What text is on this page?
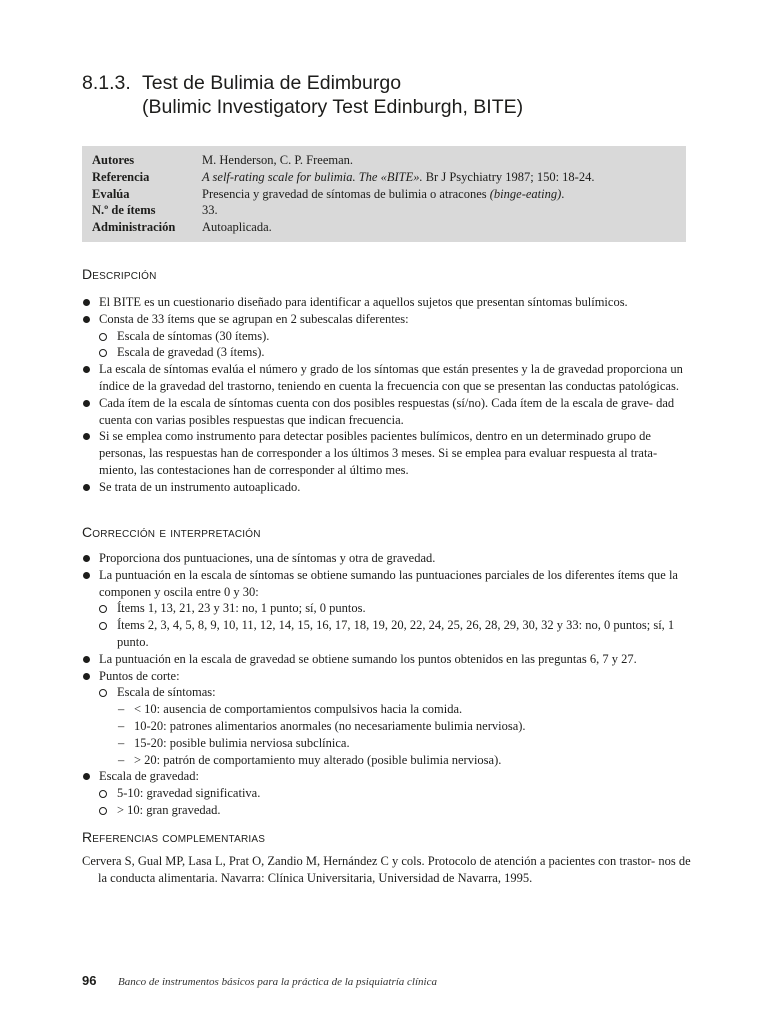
8.1.3. Test de Bulimia de Edimburgo
(Bulimic Investigatory Test Edinburgh, BITE)
Autores	M. Henderson, C. P. Freeman.
Referencia	A self-rating scale for bulimia. The «BITE». Br J Psychiatry 1987; 150: 18-24.
Evalúa	Presencia y gravedad de síntomas de bulimia o atracones (binge-eating).
N.º de ítems	33.
Administración	Autoaplicada.
Descripción
El BITE es un cuestionario diseñado para identificar a aquellos sujetos que presentan síntomas bulímicos.
Consta de 33 ítems que se agrupan en 2 subescalas diferentes:
Escala de síntomas (30 ítems).
Escala de gravedad (3 ítems).
La escala de síntomas evalúa el número y grado de los síntomas que están presentes y la de gravedad proporciona un índice de la gravedad del trastorno, teniendo en cuenta la frecuencia con que se presentan las conductas patológicas.
Cada ítem de la escala de síntomas cuenta con dos posibles respuestas (sí/no). Cada ítem de la escala de grave- dad cuenta con varias posibles respuestas que indican frecuencia.
Si se emplea como instrumento para detectar posibles pacientes bulímicos, dentro en un determinado grupo de personas, las respuestas han de corresponder a los últimos 3 meses. Si se emplea para evaluar respuesta al trata- miento, las contestaciones han de corresponder al último mes.
Se trata de un instrumento autoaplicado.
Corrección e interpretación
Proporciona dos puntuaciones, una de síntomas y otra de gravedad.
La puntuación en la escala de síntomas se obtiene sumando las puntuaciones parciales de los diferentes ítems que la componen y oscila entre 0 y 30:
Ítems 1, 13, 21, 23 y 31: no, 1 punto; sí, 0 puntos.
Ítems 2, 3, 4, 5, 8, 9, 10, 11, 12, 14, 15, 16, 17, 18, 19, 20, 22, 24, 25, 26, 28, 29, 30, 32 y 33: no, 0 puntos; sí, 1 punto.
La puntuación en la escala de gravedad se obtiene sumando los puntos obtenidos en las preguntas 6, 7 y 27.
Puntos de corte:
Escala de síntomas:
– < 10: ausencia de comportamientos compulsivos hacia la comida.
– 10-20: patrones alimentarios anormales (no necesariamente bulimia nerviosa).
– 15-20: posible bulimia nerviosa subclínica.
– > 20: patrón de comportamiento muy alterado (posible bulimia nerviosa).
Escala de gravedad:
5-10: gravedad significativa.
> 10: gran gravedad.
Referencias complementarias
Cervera S, Gual MP, Lasa L, Prat O, Zandio M, Hernández C y cols. Protocolo de atención a pacientes con trastor- nos de la conducta alimentaria. Navarra: Clínica Universitaria, Universidad de Navarra, 1995.
96	Banco de instrumentos básicos para la práctica de la psiquiatría clínica
